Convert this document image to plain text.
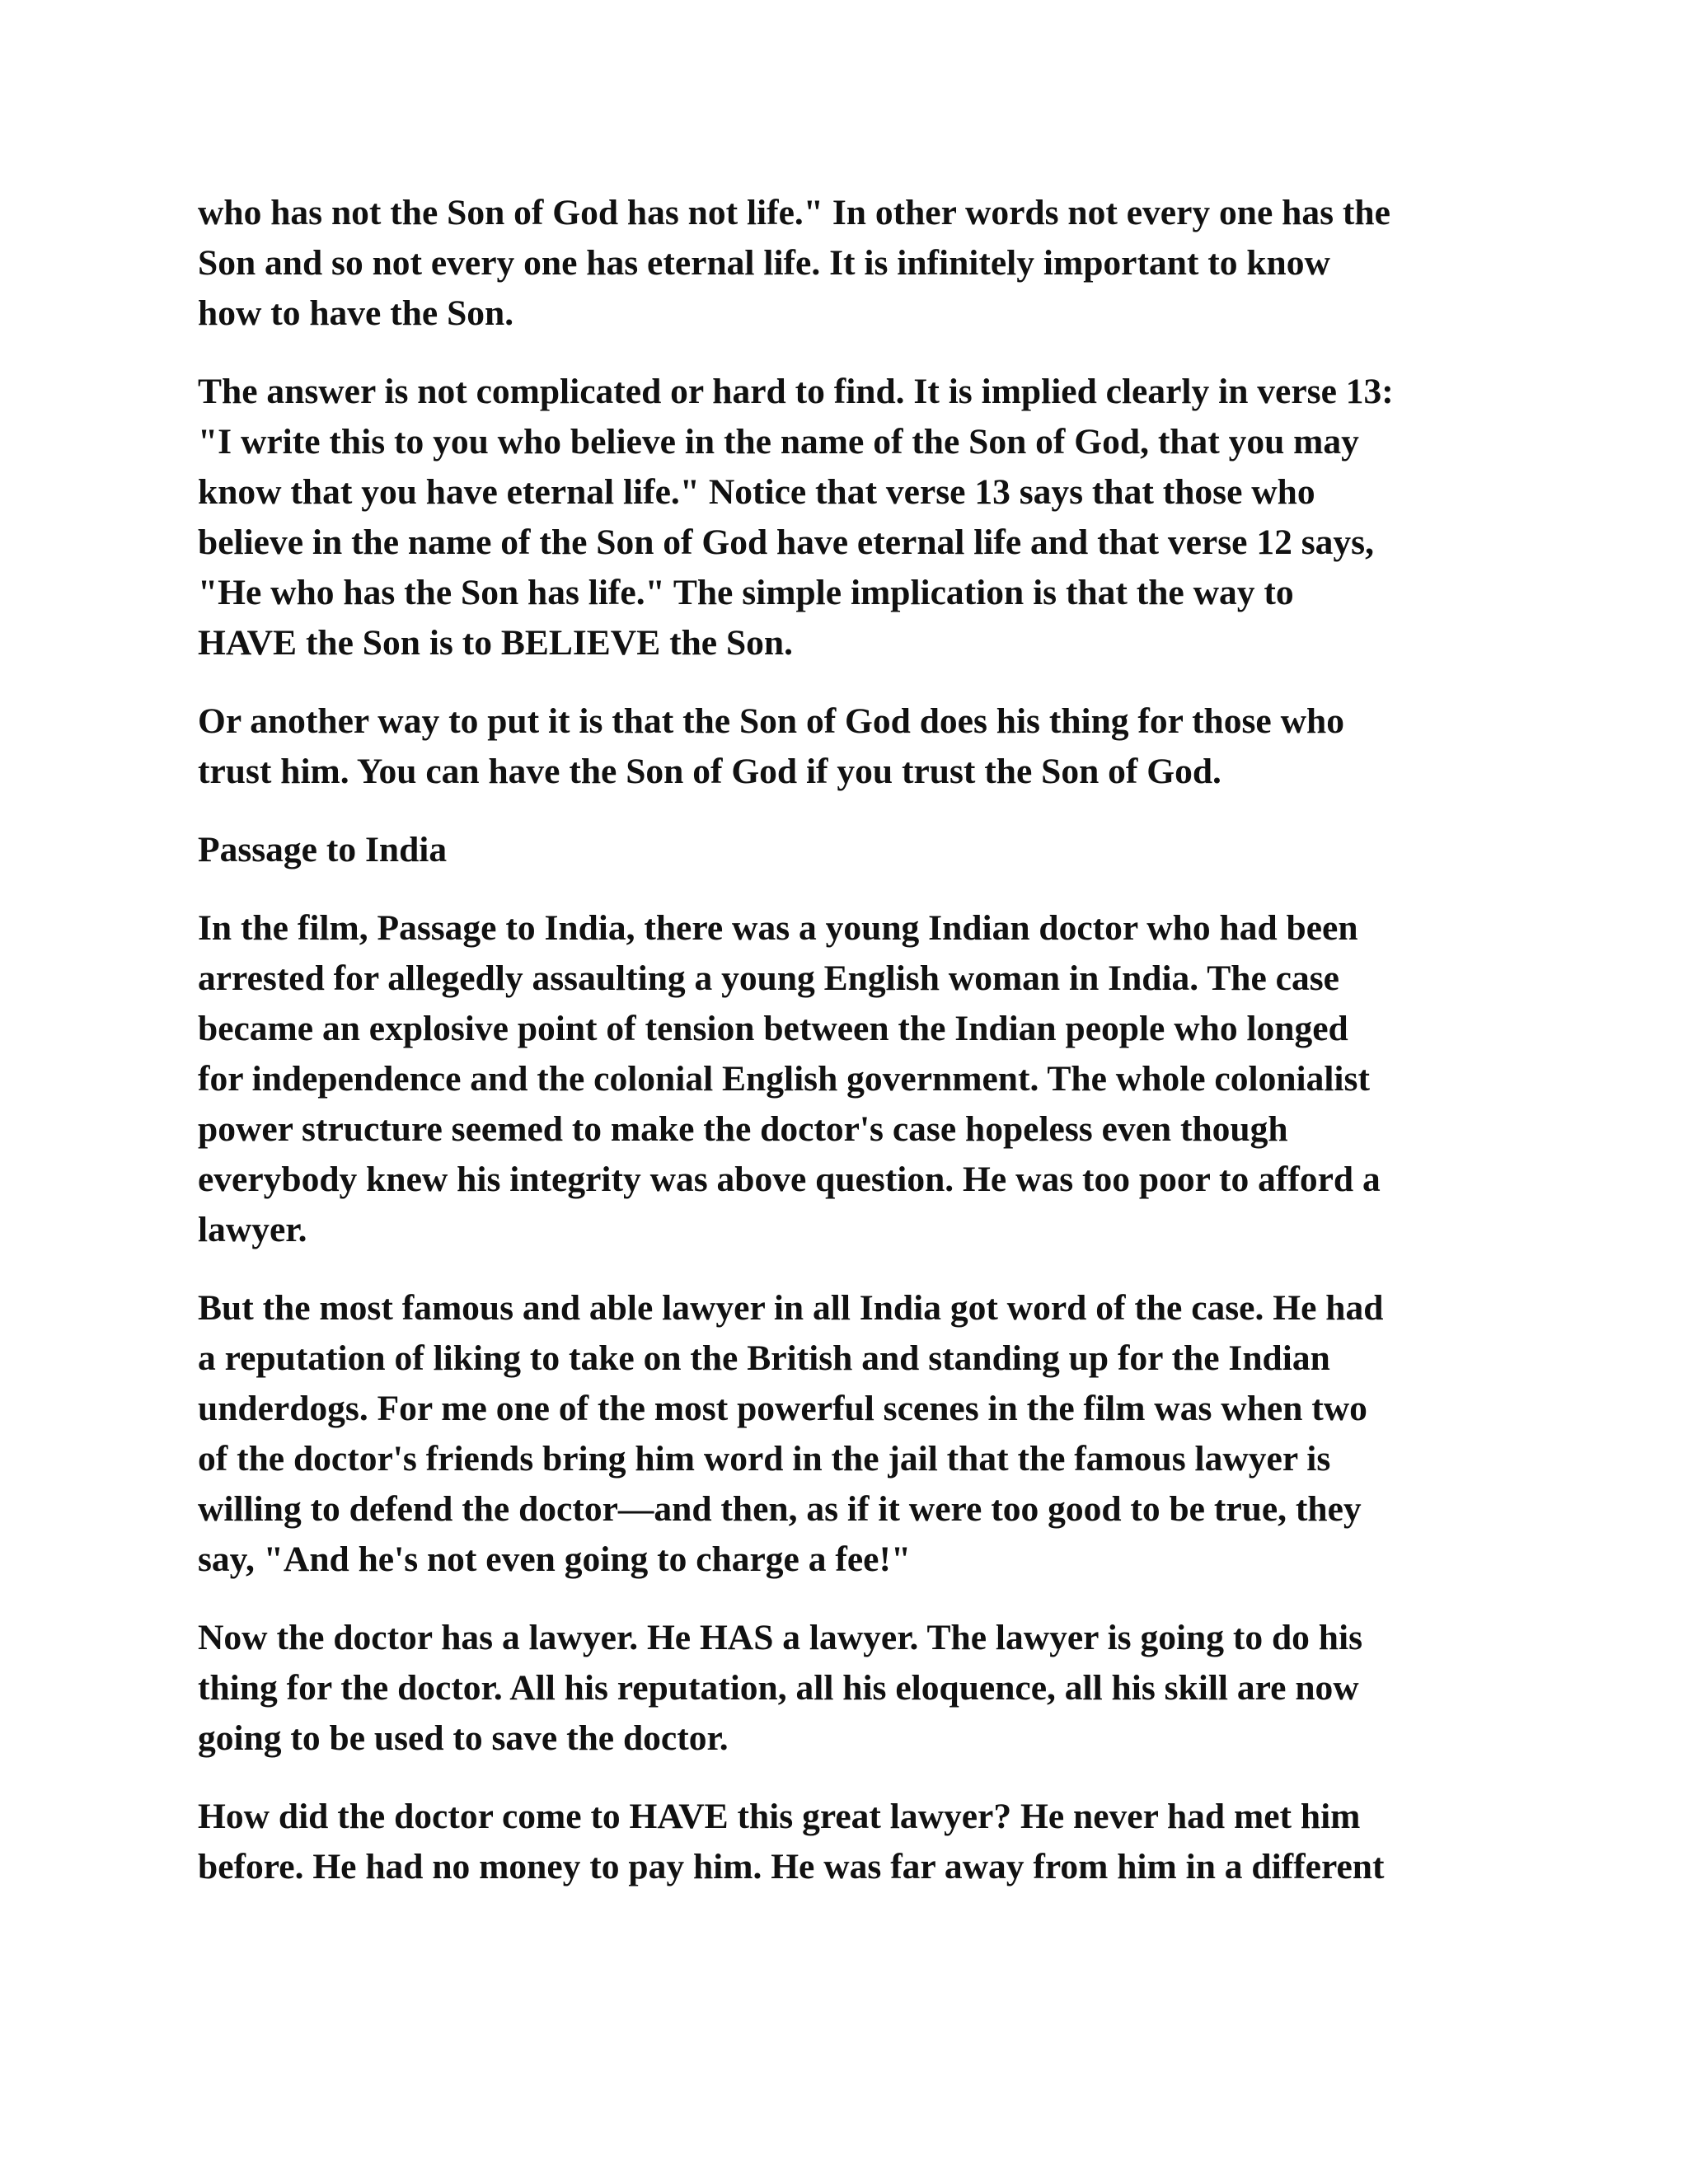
who has not the Son of God has not life." In other words not every one has the
Son and so not every one has eternal life. It is infinitely important to know
how to have the Son.

The answer is not complicated or hard to find. It is implied clearly in verse 13:
"I write this to you who believe in the name of the Son of God, that you may
know that you have eternal life." Notice that verse 13 says that those who
believe in the name of the Son of God have eternal life and that verse 12 says,
"He who has the Son has life." The simple implication is that the way to
HAVE the Son is to BELIEVE the Son.

Or another way to put it is that the Son of God does his thing for those who
trust him. You can have the Son of God if you trust the Son of God.

Passage to India

In the film, Passage to India, there was a young Indian doctor who had been
arrested for allegedly assaulting a young English woman in India. The case
became an explosive point of tension between the Indian people who longed
for independence and the colonial English government. The whole colonialist
power structure seemed to make the doctor's case hopeless even though
everybody knew his integrity was above question. He was too poor to afford a
lawyer.

But the most famous and able lawyer in all India got word of the case. He had
a reputation of liking to take on the British and standing up for the Indian
underdogs. For me one of the most powerful scenes in the film was when two
of the doctor's friends bring him word in the jail that the famous lawyer is
willing to defend the doctor—and then, as if it were too good to be true, they
say, "And he's not even going to charge a fee!"

Now the doctor has a lawyer. He HAS a lawyer. The lawyer is going to do his
thing for the doctor. All his reputation, all his eloquence, all his skill are now
going to be used to save the doctor.

How did the doctor come to HAVE this great lawyer? He never had met him
before. He had no money to pay him. He was far away from him in a different
